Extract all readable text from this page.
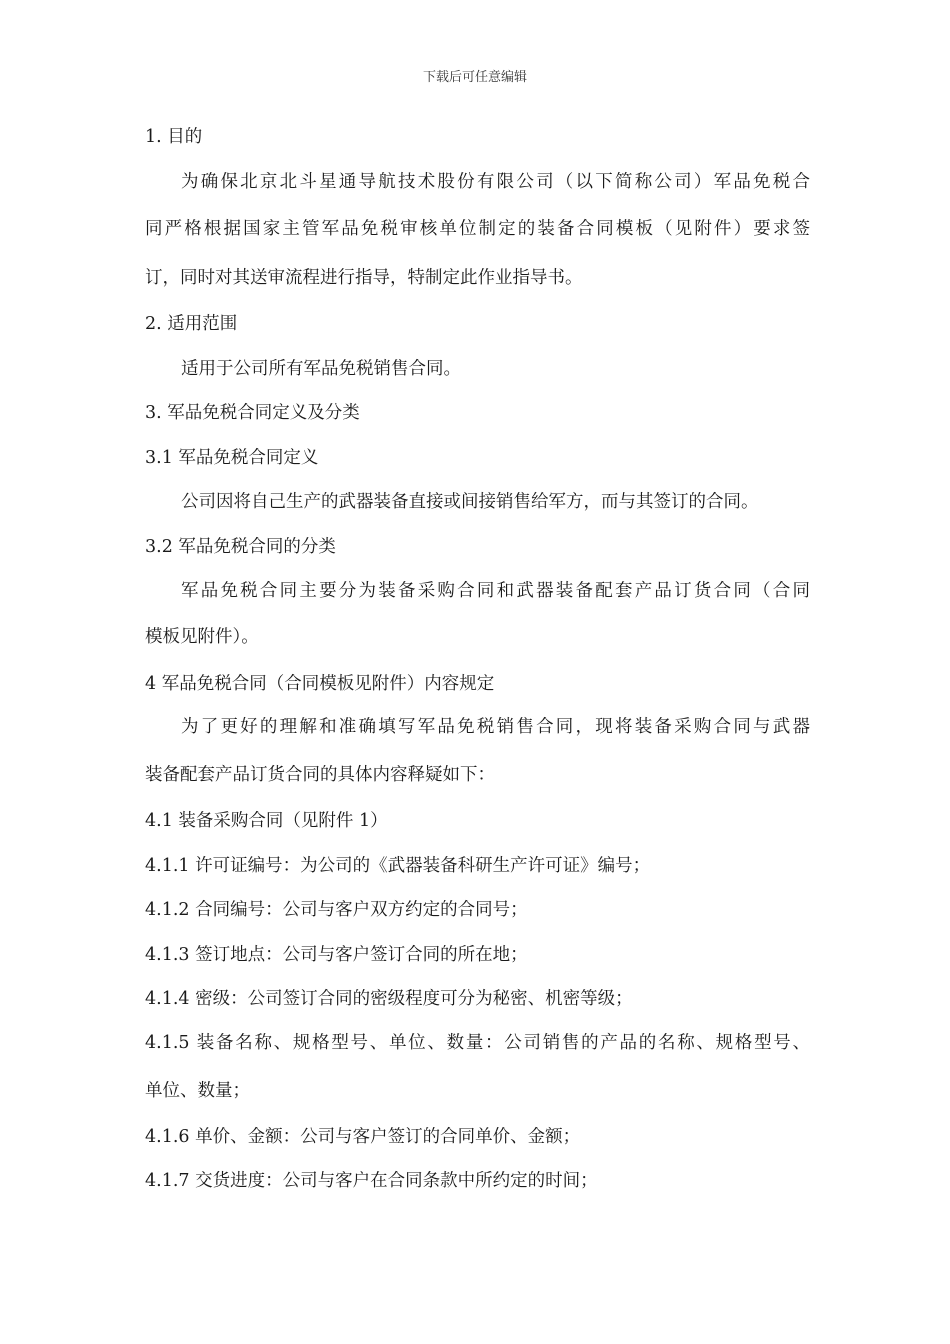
下载后可任意编辑
1. 目的
为确保北京北斗星通导航技术股份有限公司（以下简称公司）军品免税合
同严格根据国家主管军品免税审核单位制定的装备合同模板（见附件）要求签
订，同时对其送审流程进行指导，特制定此作业指导书。
2. 适用范围
适用于公司所有军品免税销售合同。
3. 军品免税合同定义及分类
3.1 军品免税合同定义
公司因将自己生产的武器装备直接或间接销售给军方，而与其签订的合同。
3.2 军品免税合同的分类
军品免税合同主要分为装备采购合同和武器装备配套产品订货合同（合同
模板见附件）。
4 军品免税合同（合同模板见附件）内容规定
为了更好的理解和准确填写军品免税销售合同，现将装备采购合同与武器
装备配套产品订货合同的具体内容释疑如下：
4.1 装备采购合同（见附件 1）
4.1.1 许可证编号：为公司的《武器装备科研生产许可证》编号；
4.1.2 合同编号：公司与客户双方约定的合同号；
4.1.3 签订地点：公司与客户签订合同的所在地；
4.1.4 密级：公司签订合同的密级程度可分为秘密、机密等级；
4.1.5 装备名称、规格型号、单位、数量：公司销售的产品的名称、规格型号、
单位、数量；
4.1.6 单价、金额：公司与客户签订的合同单价、金额；
4.1.7 交货进度：公司与客户在合同条款中所约定的时间；
